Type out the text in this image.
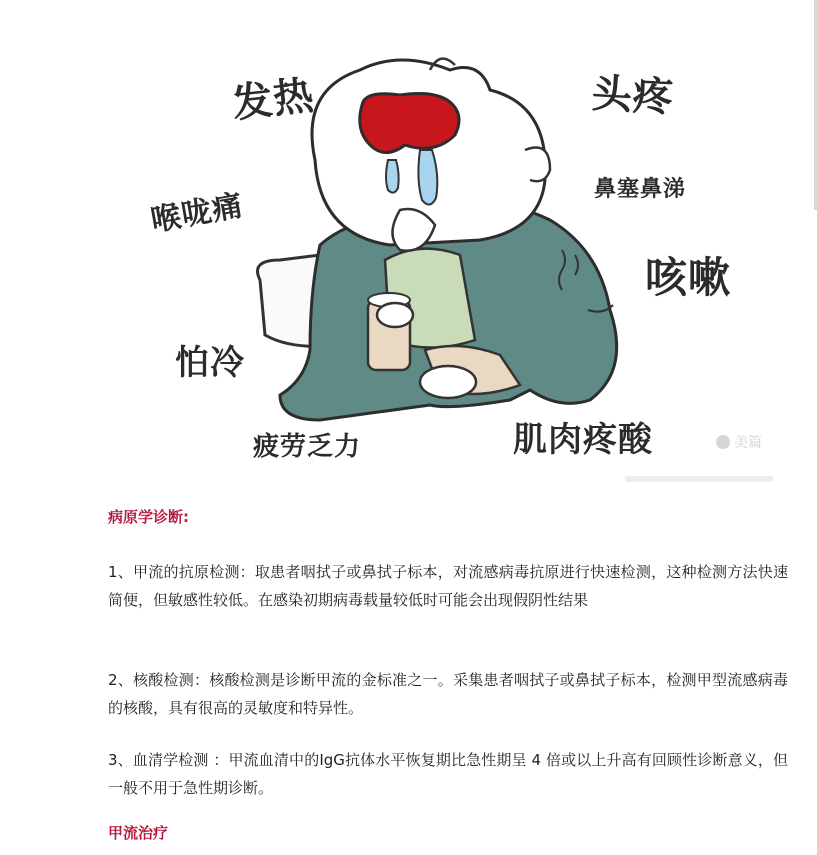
发热	头疼
喉咙痛	鼻塞鼻涕
咳嗽
怕冷
疲劳乏力	肌肉疼酸	美篇

病原学诊断:

1、甲流的抗原检测：取患者咽拭子或鼻拭子标本，对流感病毒抗原进行快速检测，这种检测方法快速简便，但敏感性较低。在感染初期病毒载量较低时可能会出现假阴性结果

2、核酸检测：核酸检测是诊断甲流的金标准之一。采集患者咽拭子或鼻拭子标本，检测甲型流感病毒的核酸，具有很高的灵敏度和特异性。

3、血清学检测 ：甲流血清中的IgG抗体水平恢复期比急性期呈 4 倍或以上升高有回顾性诊断意义，但一般不用于急性期诊断。

甲流治疗
